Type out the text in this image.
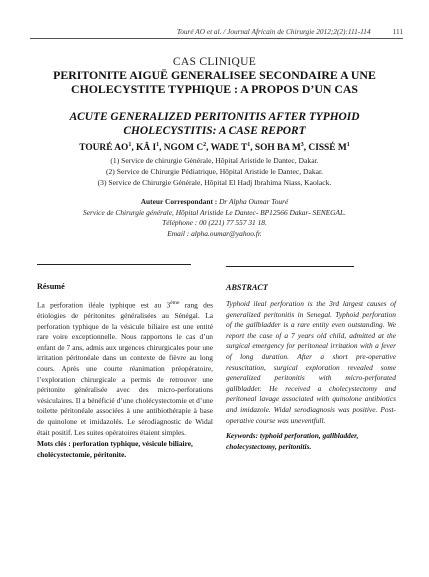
Touré AO et al. / Journal Africain de Chirurgie 2012;2(2):111-114	111
CAS CLINIQUE
PERITONITE AIGUË GENERALISEE SECONDAIRE A UNE
CHOLECYSTITE TYPHIQUE : A PROPOS D’UN CAS
ACUTE GENERALIZED PERITONITIS AFTER TYPHOID
CHOLECYSTITIS: A CASE REPORT
TOURÉ $AO^1$, KÂ $I^1$, NGOM $C^2$, WADE $T^1$, SOH BA $M^3$, CISSÉ $M^1$
(1) Service de chirurgie Générale, Hôpital Aristide le Dantec, Dakar.
(2) Service de Chirurgie Pédiatrique, Hôpital Aristide le Dantec, Dakar.
(3) Service de Chirurgie Générale, Hôpital El Hadj Ibrahima Niass, Kaolack.
Auteur Correspondant : Dr Alpha Oumar Touré
Service de Chirurgie générale, Hôpital Aristide Le Dantec- BP12566 Dakar- SENEGAL.
Téléphone : 00 (221) 77 557 31 18.
Email : alpha.oumar@yahoo.fr.
Résumé
La perforation iléale typhique est au 3ème rang des étiologies de péritonites généralisées au Sénégal. La perforation typhique de la vésicule biliaire est une entité rare voire exceptionnelle. Nous rapportons le cas d’un enfant de 7 ans, admis aux urgences chirurgicales pour une irritation péritonéale dans un contexte de fièvre au long cours. Après une courte réanimation préopératoire, l’exploration chirurgicale a permis de retrouver une péritonite généralisée avec des micro-perforations vésiculaires. Il a bénéficié d’une cholécystectomie et d’une toilette péritonéale associées à une antibiothérapie à base de quinolone et imidazolés. Le sérodiagnostic de Widal était positif. Les suites opératoires étaient simples.
Mots clés : perforation typhique, vésicule biliaire, cholécystectomie, péritonite.
ABSTRACT
Typhoid ileal perforation is the 3rd largest causes of generalized peritonitis in Senegal. Typhoid perforation of the gallbladder is a rare entity even outstanding. We report the case of a 7 years old child, admitted at the surgical emergency for peritoneal irritation with a fever of long duration. After a short pre-operative resuscitation, surgical exploration revealed some generalized peritonitis with micro-perforated gallbladder. He received a cholecystectomy and peritoneal lavage associated with quinolone antibiotics and imidazole. Widal serodiagnosis was positive. Post-operative course was uneventfull.
Keywords: typhoid perforation, gallbladder, cholecystectomy, peritonitis.
